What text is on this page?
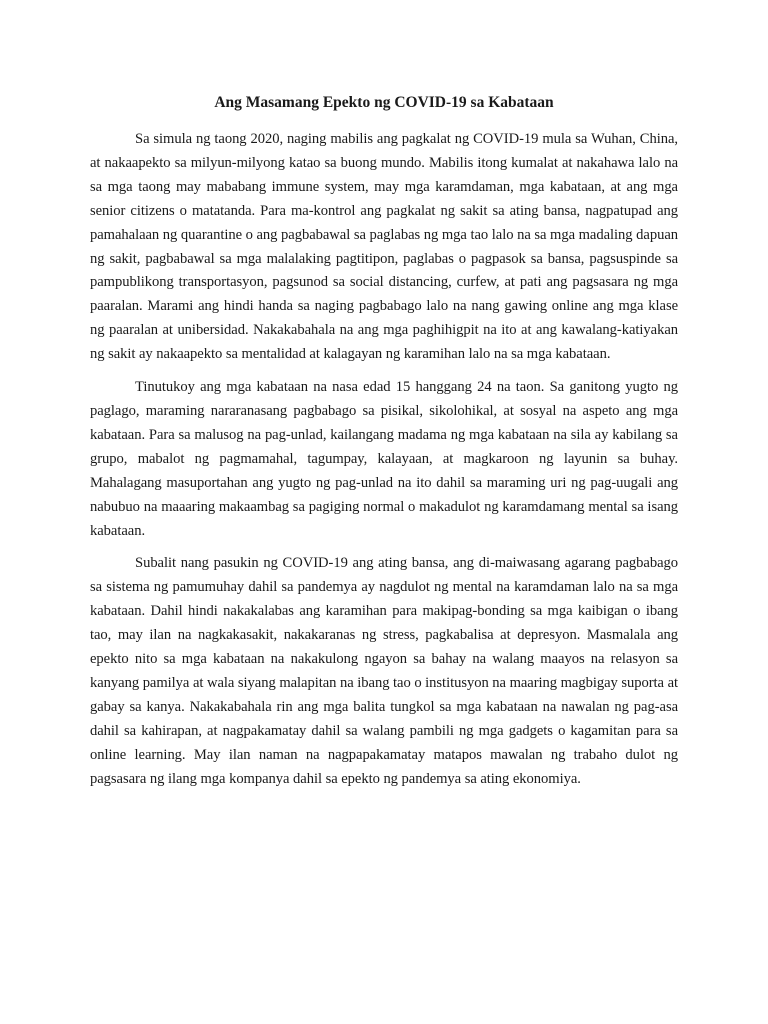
Ang Masamang Epekto ng COVID-19 sa Kabataan

Sa simula ng taong 2020, naging mabilis ang pagkalat ng COVID-19 mula sa Wuhan, China, at nakaapekto sa milyun-milyong katao sa buong mundo. Mabilis itong kumalat at nakahawa lalo na sa mga taong may mababang immune system, may mga karamdaman, mga kabataan, at ang mga senior citizens o matatanda. Para ma-kontrol ang pagkalat ng sakit sa ating bansa, nagpatupad ang pamahalaan ng quarantine o ang pagbabawal sa paglabas ng mga tao lalo na sa mga madaling dapuan ng sakit, pagbabawal sa mga malalaking pagtitipon, paglabas o pagpasok sa bansa, pagsuspinde sa pampublikong transportasyon, pagsunod sa social distancing, curfew, at pati ang pagsasara ng mga paaralan. Marami ang hindi handa sa naging pagbabago lalo na nang gawing online ang mga klase ng paaralan at unibersidad. Nakakabahala na ang mga paghihigpit na ito at ang kawalang-katiyakan ng sakit ay nakaapekto sa mentalidad at kalagayan ng karamihan lalo na sa mga kabataan.

Tinutukoy ang mga kabataan na nasa edad 15 hanggang 24 na taon. Sa ganitong yugto ng paglago, maraming nararanasang pagbabago sa pisikal, sikolohikal, at sosyal na aspeto ang mga kabataan. Para sa malusog na pag-unlad, kailangang madama ng mga kabataan na sila ay kabilang sa grupo, mabalot ng pagmamahal, tagumpay, kalayaan, at magkaroon ng layunin sa buhay. Mahalagang masuportahan ang yugto ng pag-unlad na ito dahil sa maraming uri ng pag-uugali ang nabubuo na maaaring makaambag sa pagiging normal o makadulot ng karamdamang mental sa isang kabataan.

Subalit nang pasukin ng COVID-19 ang ating bansa, ang di-maiwasang agarang pagbabago sa sistema ng pamumuhay dahil sa pandemya ay nagdulot ng mental na karamdaman lalo na sa mga kabataan. Dahil hindi nakakalabas ang karamihan para makipag-bonding sa mga kaibigan o ibang tao, may ilan na nagkakasakit, nakakaranas ng stress, pagkabalisa at depresyon. Masmalala ang epekto nito sa mga kabataan na nakakulong ngayon sa bahay na walang maayos na relasyon sa kanyang pamilya at wala siyang malapitan na ibang tao o institusyon na maaring magbigay suporta at gabay sa kanya. Nakakabahala rin ang mga balita tungkol sa mga kabataan na nawalan ng pag-asa dahil sa kahirapan, at nagpakamatay dahil sa walang pambili ng mga gadgets o kagamitan para sa online learning. May ilan naman na nagpapakamatay matapos mawalan ng trabaho dulot ng pagsasara ng ilang mga kompanya dahil sa epekto ng pandemya sa ating ekonomiya.
